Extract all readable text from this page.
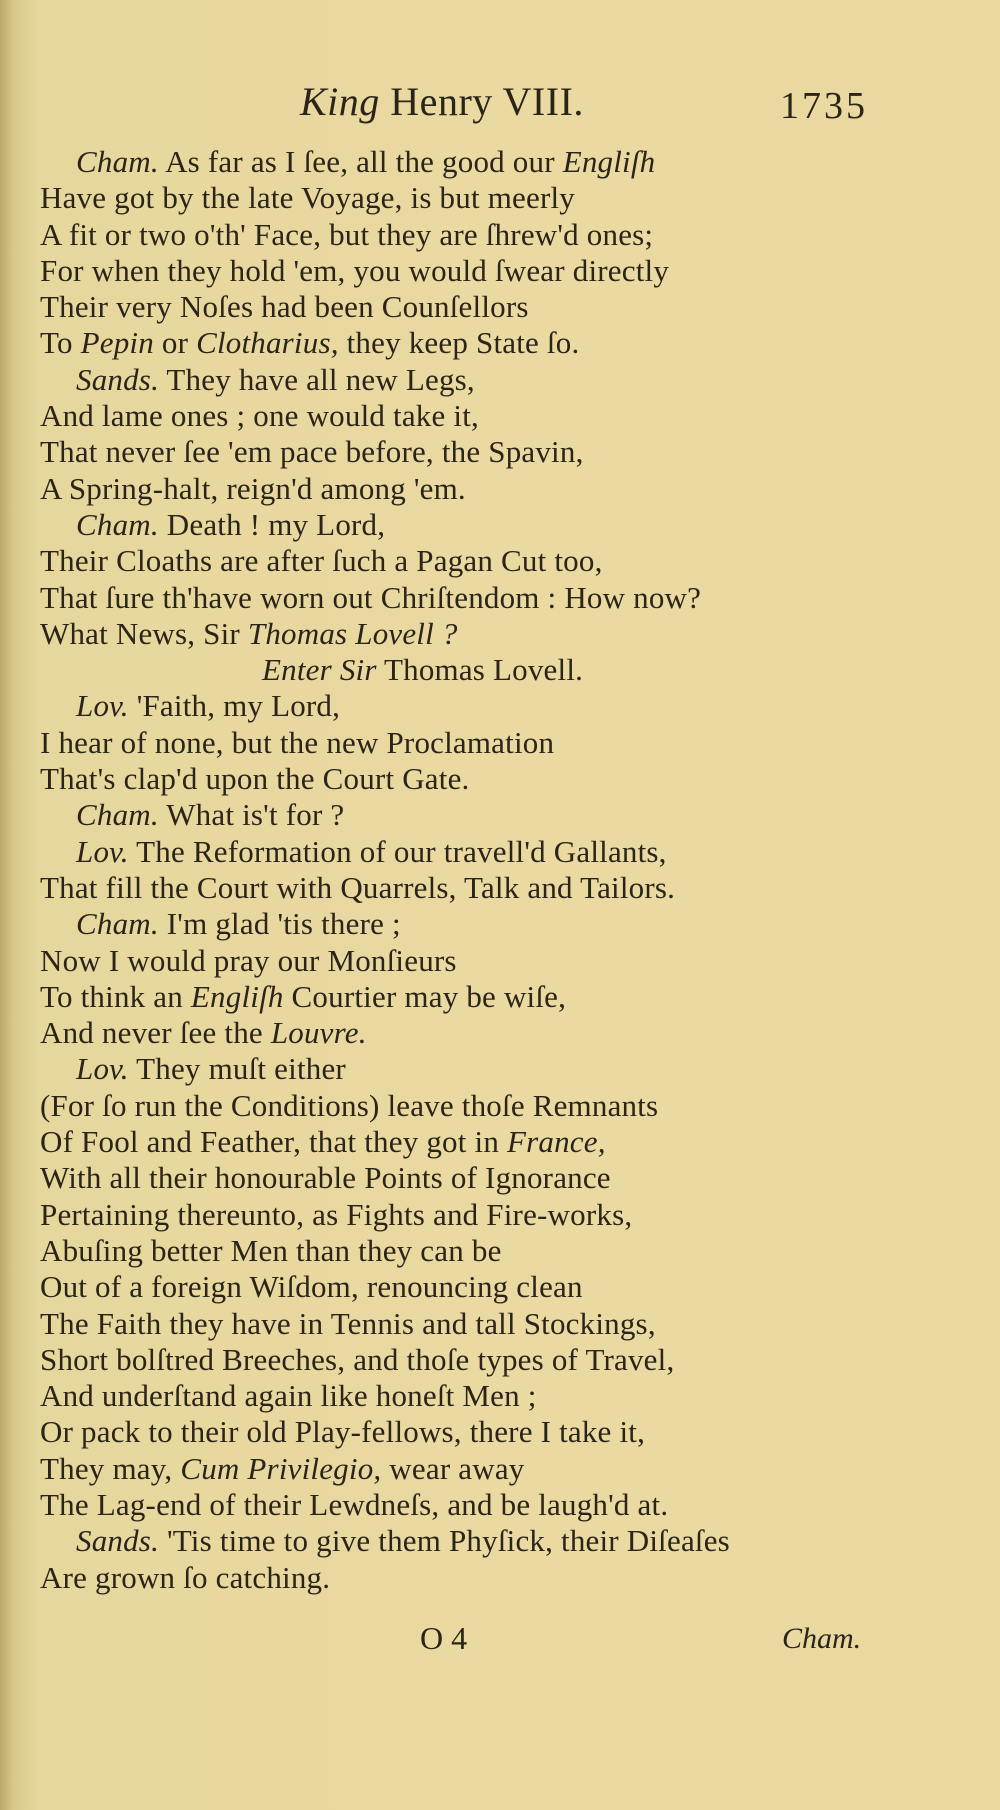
King Henry VIII.	1735
Cham. As far as I ſee, all the good our Engliſh
Have got by the late Voyage, is but meerly
A fit or two o'th' Face, but they are ſhrew'd ones;
For when they hold 'em, you would ſwear directly
Their very Noſes had been Counſellors
To Pepin or Clotharius, they keep State ſo.
Sands. They have all new Legs,
And lame ones ; one would take it,
That never ſee 'em pace before, the Spavin,
A Spring-halt, reign'd among 'em.
Cham. Death ! my Lord,
Their Cloaths are after ſuch a Pagan Cut too,
That ſure th'have worn out Chriſtendom : How now?
What News, Sir Thomas Lovell ?
Enter Sir Thomas Lovell.
Lov. 'Faith, my Lord,
I hear of none, but the new Proclamation
That's clap'd upon the Court Gate.
Cham. What is't for ?
Lov. The Reformation of our travell'd Gallants,
That fill the Court with Quarrels, Talk and Tailors.
Cham. I'm glad 'tis there ;
Now I would pray our Monſieurs
To think an Engliſh Courtier may be wiſe,
And never ſee the Louvre.
Lov. They muſt either
(For ſo run the Conditions) leave thoſe Remnants
Of Fool and Feather, that they got in France,
With all their honourable Points of Ignorance
Pertaining thereunto, as Fights and Fire-works,
Abuſing better Men than they can be
Out of a foreign Wiſdom, renouncing clean
The Faith they have in Tennis and tall Stockings,
Short bolſtred Breeches, and thoſe types of Travel,
And underſtand again like honeſt Men ;
Or pack to their old Play-fellows, there I take it,
They may, Cum Privilegio, wear away
The Lag-end of their Lewdneſs, and be laugh'd at.
Sands. 'Tis time to give them Phyſick, their Diſeaſes
Are grown ſo catching.
O 4	Cham.
